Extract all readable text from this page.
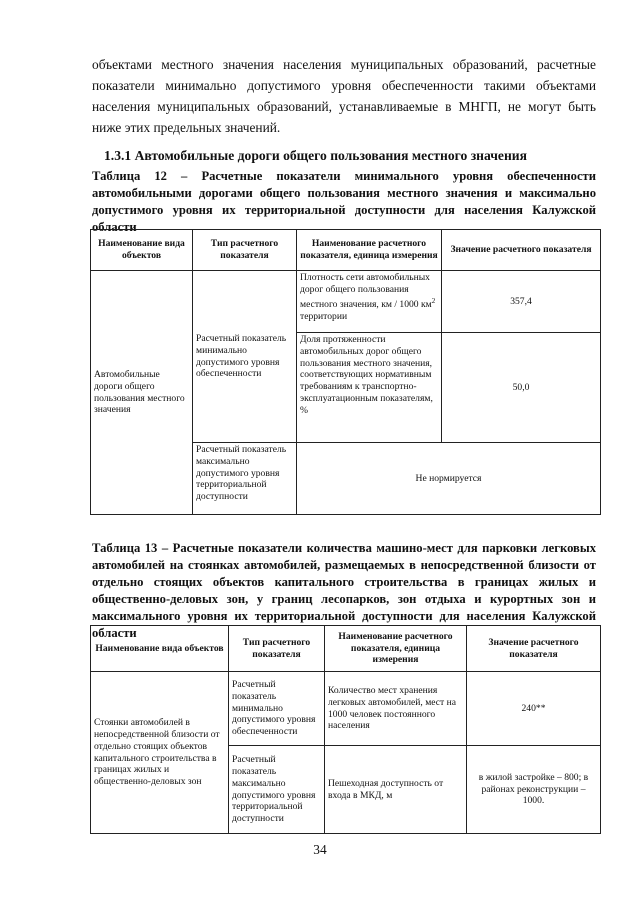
объектами местного значения населения муниципальных образований, расчетные показатели минимально допустимого уровня обеспеченности такими объектами населения муниципальных образований, устанавливаемые в МНГП, не могут быть ниже этих предельных значений.

1.3.1 Автомобильные дороги общего пользования местного значения

Таблица 12 – Расчетные показатели минимального уровня обеспеченности автомобильными дорогами общего пользования местного значения и максимально допустимого уровня их территориальной доступности для населения Калужской области

Наименование вида объектов	Тип расчетного показателя	Наименование расчетного показателя, единица измерения	Значение расчетного показателя
Автомобильные дороги общего пользования местного значения	Расчетный показатель минимально допустимого уровня обеспеченности	Плотность сети автомобильных дорог общего пользования местного значения, км / 1000 $км^2$ территории	357,4
		Доля протяженности автомобильных дорог общего пользования местного значения, соответствующих нормативным требованиям к транспортно-эксплуатационным показателям, %	50,0
	Расчетный показатель максимально допустимого уровня территориальной доступности	Не нормируется	

Таблица 13 – Расчетные показатели количества машино-мест для парковки легковых автомобилей на стоянках автомобилей, размещаемых в непосредственной близости от отдельно стоящих объектов капитального строительства в границах жилых и общественно-деловых зон, у границ лесопарков, зон отдыха и курортных зон и максимального уровня их территориальной доступности для населения Калужской области

Наименование вида объектов	Тип расчетного показателя	Наименование расчетного показателя, единица измерения	Значение расчетного показателя
Стоянки автомобилей в непосредственной близости от отдельно стоящих объектов капитального строительства в границах жилых и общественно-деловых зон	Расчетный показатель минимально допустимого уровня обеспеченности	Количество мест хранения легковых автомобилей, мест на 1000 человек постоянного населения	240**
	Расчетный показатель максимально допустимого уровня территориальной доступности	Пешеходная доступность от входа в МКД, м	в жилой застройке – 800; в районах реконструкции – 1000.
34
